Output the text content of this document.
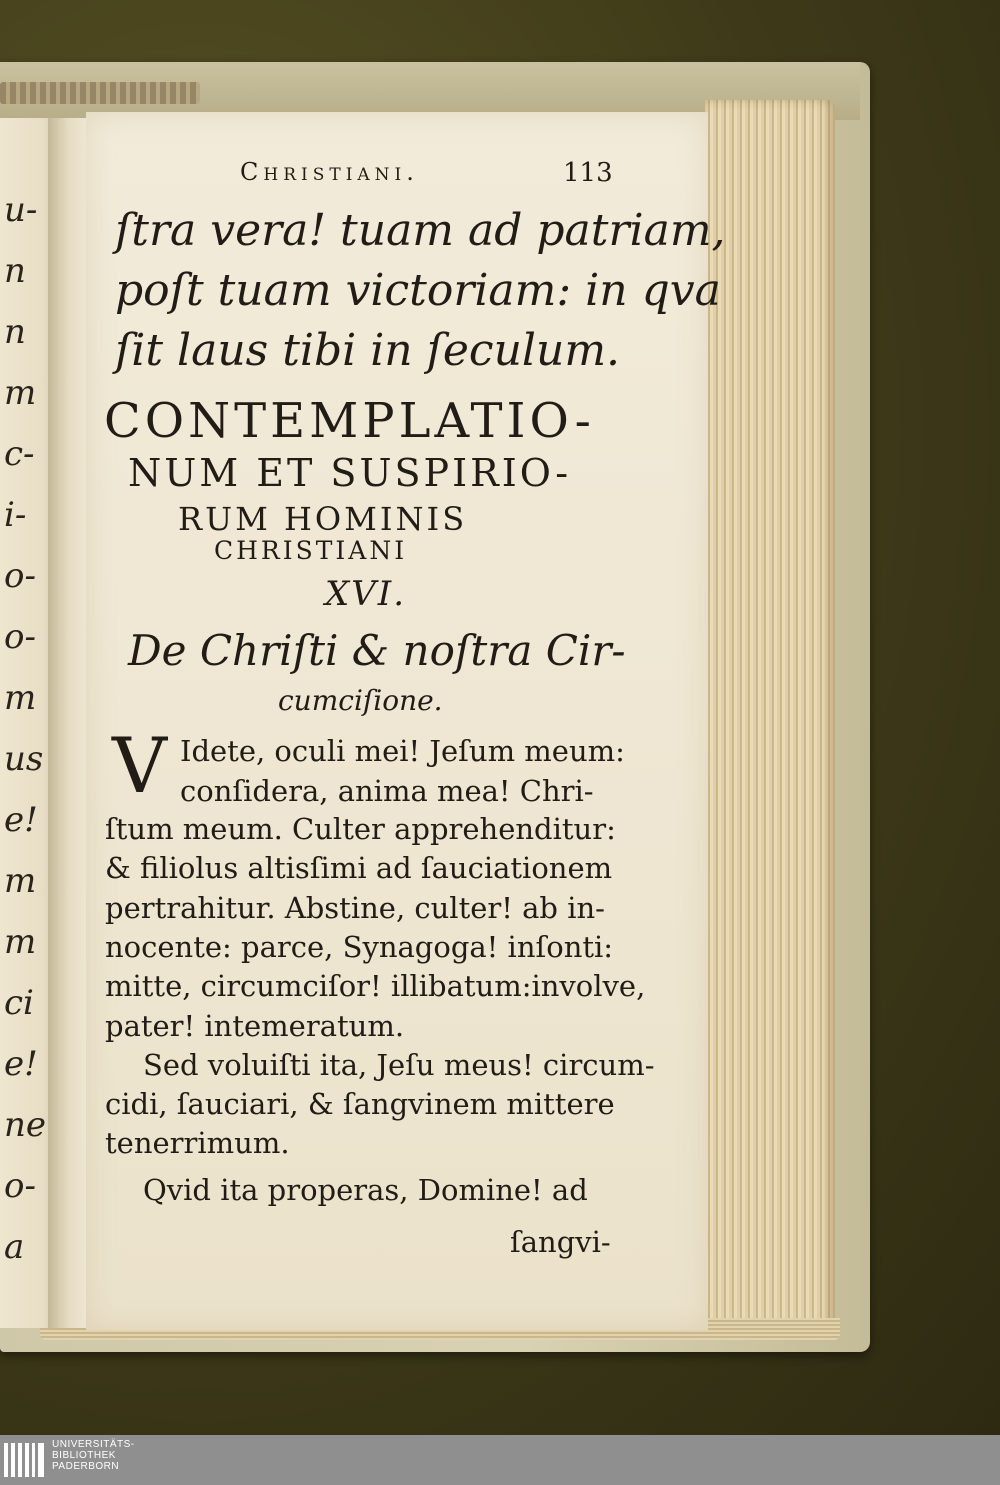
u-
n
n
m
c-
i-
o-
o-
m
us
e!
m
m
ci
e!
ne
o-
a
Christiani.	113
ſtra vera! tuam ad patriam,
poſt tuam victoriam: in qva
ſit laus tibi in ſeculum.
CONTEMPLATIO-
NUM ET SUSPIRIO-
RUM HOMINIS
CHRISTIANI
XVI.
De Chriſti & noſtra Cir-
cumciſione.
V Idete, oculi mei! Jeſum meum:
conſidera, anima mea! Chri-
ſtum meum. Culter apprehenditur:
& filiolus altisſimi ad ſauciationem
pertrahitur. Abstine, culter! ab in-
nocente: parce, Synagoga! inſonti:
mitte, circumciſor! illibatum:involve,
pater! intemeratum.
Sed voluiſti ita, Jeſu meus! circum-
cidi, ſauciari, & ſangvinem mittere
tenerrimum.
Qvid ita properas, Domine! ad
ſangvi-
UNIVERSITÄTS-
BIBLIOTHEK
PADERBORN
